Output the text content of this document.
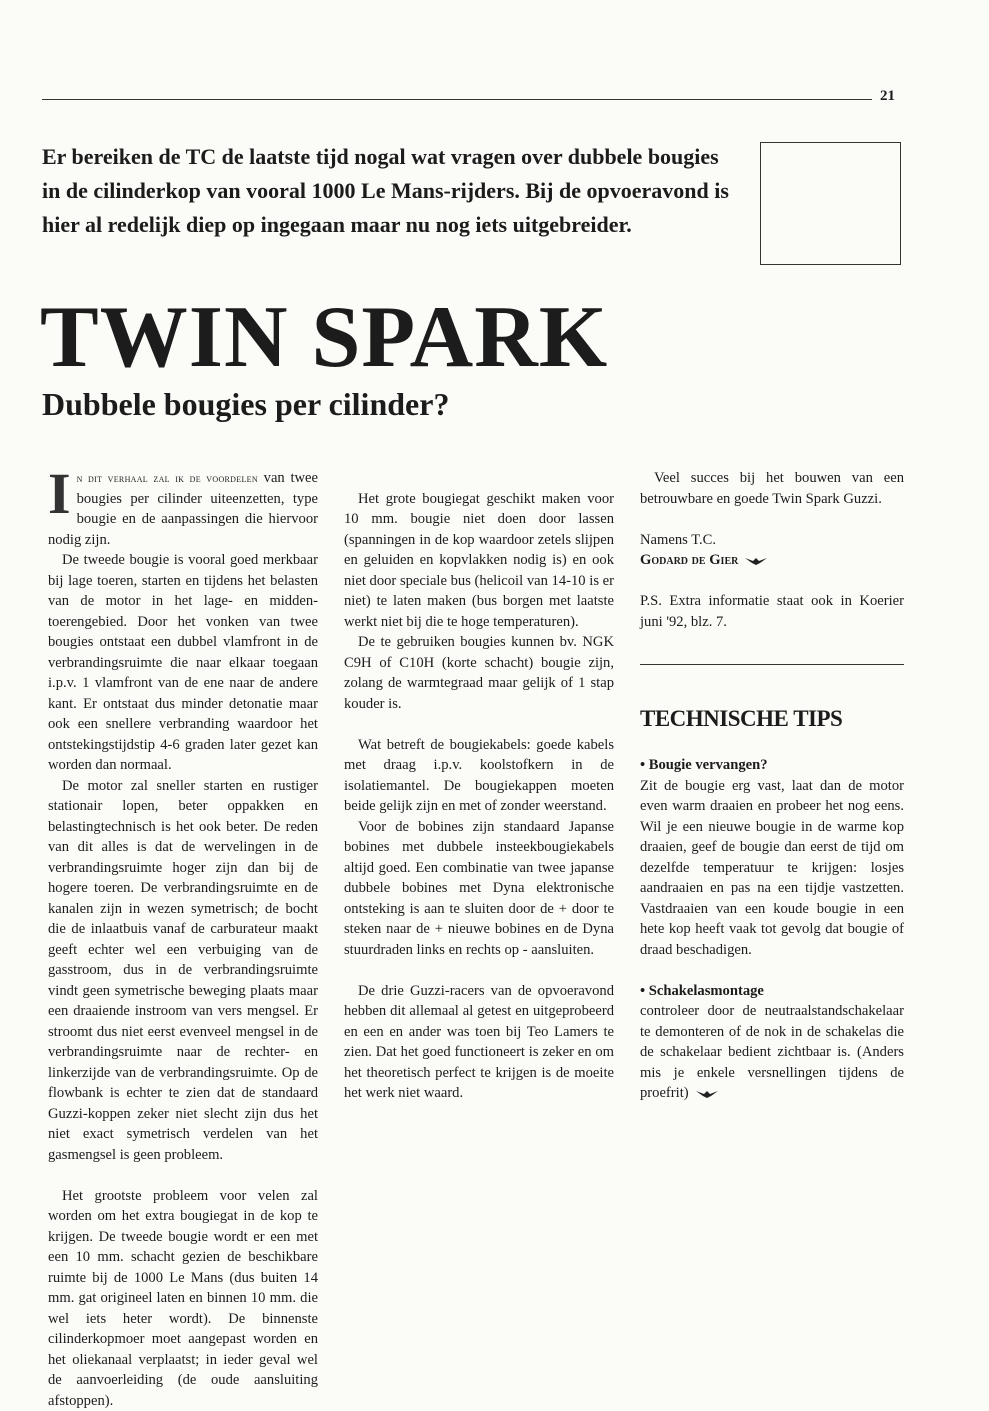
21

Er bereiken de TC de laatste tijd nogal wat vragen over dubbele bougies in de cilinderkop van vooral 1000 Le Mans-rijders. Bij de opvoeravond is hier al redelijk diep op ingegaan maar nu nog iets uitgebreider.

TWIN SPARK
Dubbele bougies per cilinder?

In dit verhaal zal ik de voordelen van twee bougies per cilinder uiteenzetten, type bougie en de aanpassingen die hiervoor nodig zijn.

De tweede bougie is vooral goed merkbaar bij lage toeren, starten en tijdens het belasten van de motor in het lage- en midden-toerengebied. Door het vonken van twee bougies ontstaat een dubbel vlamfront in de verbrandingsruimte die naar elkaar toegaan i.p.v. 1 vlamfront van de ene naar de andere kant. Er ontstaat dus minder detonatie maar ook een snellere verbranding waardoor het ontstekingstijdstip 4-6 graden later gezet kan worden dan normaal.

De motor zal sneller starten en rustiger stationair lopen, beter oppakken en belastingtechnisch is het ook beter. De reden van dit alles is dat de wervelingen in de verbrandingsruimte hoger zijn dan bij de hogere toeren. De verbrandingsruimte en de kanalen zijn in wezen symetrisch; de bocht die de inlaatbuis vanaf de carburateur maakt geeft echter wel een verbuiging van de gasstroom, dus in de verbrandingsruimte vindt geen symetrische beweging plaats maar een draaiende instroom van vers mengsel. Er stroomt dus niet eerst evenveel mengsel in de verbrandingsruimte naar de rechter- en linkerzijde van de verbrandingsruimte. Op de flowbank is echter te zien dat de standaard Guzzi-koppen zeker niet slecht zijn dus het niet exact symetrisch verdelen van het gasmengsel is geen probleem.

Het grootste probleem voor velen zal worden om het extra bougiegat in de kop te krijgen. De tweede bougie wordt er een met een 10 mm. schacht gezien de beschikbare ruimte bij de 1000 Le Mans (dus buiten 14 mm. gat origineel laten en binnen 10 mm. die wel iets heter wordt). De binnenste cilinderkopmoer moet aangepast worden en het oliekanaal verplaatst; in ieder geval wel de aanvoerleiding (de oude aansluiting afstoppen).

Het grote bougiegat geschikt maken voor 10 mm. bougie niet doen door lassen (spanningen in de kop waardoor zetels slijpen en geluiden en kopvlakken nodig is) en ook niet door speciale bus (helicoil van 14-10 is er niet) te laten maken (bus borgen met laatste werkt niet bij die te hoge temperaturen).

De te gebruiken bougies kunnen bv. NGK C9H of C10H (korte schacht) bougie zijn, zolang de warmtegraad maar gelijk of 1 stap kouder is.

Wat betreft de bougiekabels: goede kabels met draag i.p.v. koolstofkern in de isolatiemantel. De bougiekappen moeten beide gelijk zijn en met of zonder weerstand.

Voor de bobines zijn standaard Japanse bobines met dubbele insteekbougiekabels altijd goed. Een combinatie van twee japanse dubbele bobines met Dyna elektronische ontsteking is aan te sluiten door de + door te steken naar de + nieuwe bobines en de Dyna stuurdraden links en rechts op - aansluiten.

De drie Guzzi-racers van de opvoeravond hebben dit allemaal al getest en uitgeprobeerd en een en ander was toen bij Teo Lamers te zien. Dat het goed functioneert is zeker en om het theoretisch perfect te krijgen is de moeite het werk niet waard.

Veel succes bij het bouwen van een betrouwbare en goede Twin Spark Guzzi.

Namens T.C.

Godard de Gier

P.S. Extra informatie staat ook in Koerier juni '92, blz. 7.

TECHNISCHE TIPS

• Bougie vervangen?

Zit de bougie erg vast, laat dan de motor even warm draaien en probeer het nog eens. Wil je een nieuwe bougie in de warme kop draaien, geef de bougie dan eerst de tijd om dezelfde temperatuur te krijgen: losjes aandraaien en pas na een tijdje vastzetten. Vastdraaien van een koude bougie in een hete kop heeft vaak tot gevolg dat bougie of draad beschadigen.

• Schakelasmontage

controleer door de neutraalstandschakelaar te demonteren of de nok in de schakelas die de schakelaar bedient zichtbaar is. (Anders mis je enkele versnellingen tijdens de proefrit)
